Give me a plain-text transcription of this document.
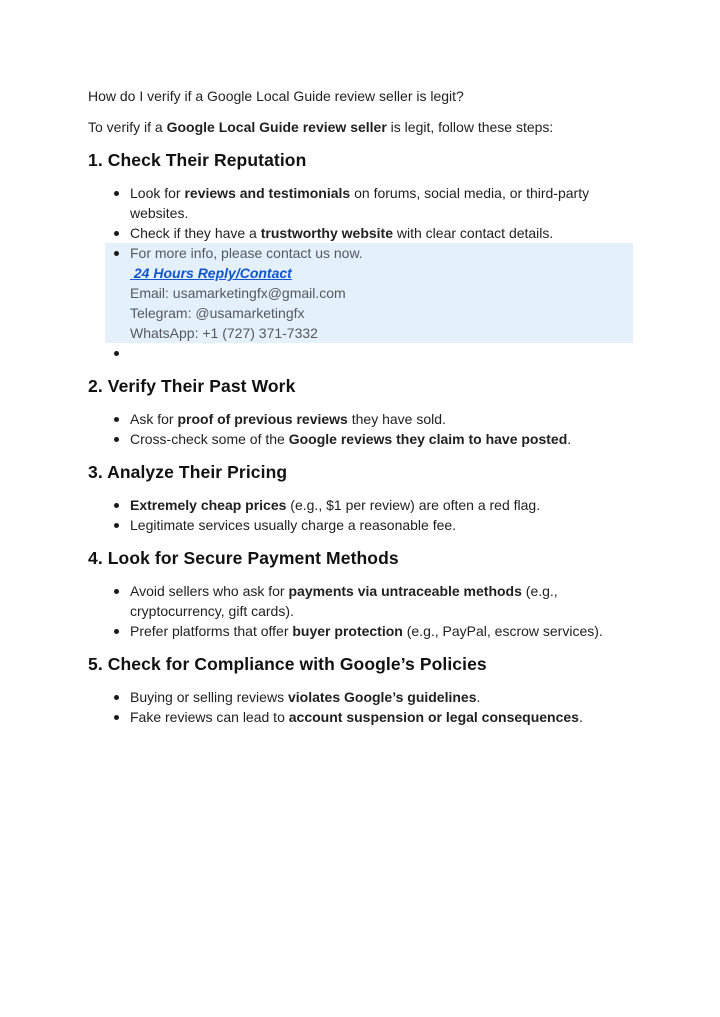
How do I verify if a Google Local Guide review seller is legit?

To verify if a Google Local Guide review seller is legit, follow these steps:

1. Check Their Reputation
Look for reviews and testimonials on forums, social media, or third-party websites.
Check if they have a trustworthy website with clear contact details.
For more info, please contact us now.
24 Hours Reply/Contact
Email: usamarketingfx@gmail.com
Telegram: @usamarketingfx
WhatsApp: +1 (727) 371-7332
2. Verify Their Past Work
Ask for proof of previous reviews they have sold.
Cross-check some of the Google reviews they claim to have posted.
3. Analyze Their Pricing
Extremely cheap prices (e.g., $1 per review) are often a red flag.
Legitimate services usually charge a reasonable fee.
4. Look for Secure Payment Methods
Avoid sellers who ask for payments via untraceable methods (e.g., cryptocurrency, gift cards).
Prefer platforms that offer buyer protection (e.g., PayPal, escrow services).
5. Check for Compliance with Google’s Policies
Buying or selling reviews violates Google’s guidelines.
Fake reviews can lead to account suspension or legal consequences.
